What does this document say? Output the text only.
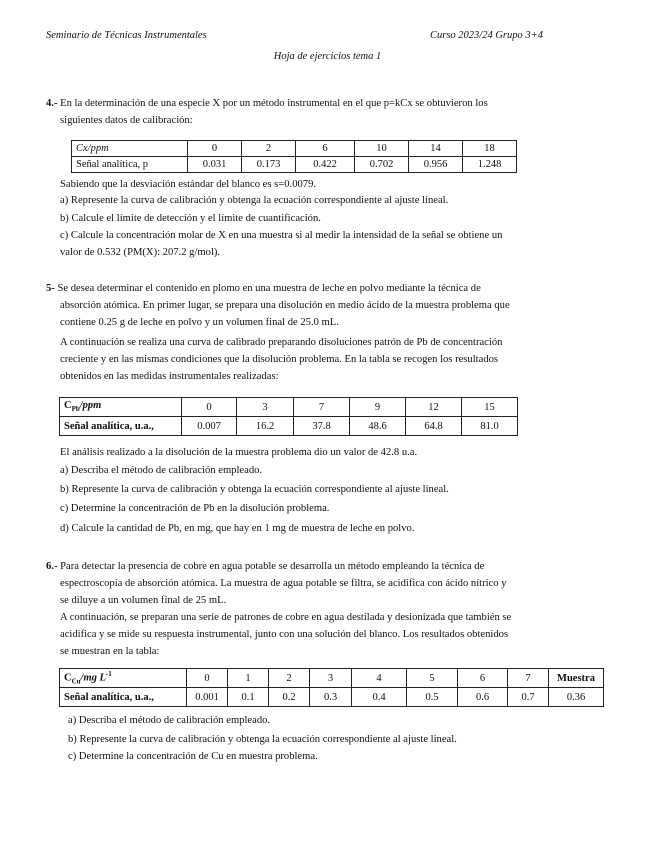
Seminario de Técnicas Instrumentales	Curso 2023/24 Grupo 3+4
Hoja de ejercicios tema 1
4.- En la determinación de una especie X por un método instrumental en el que p=kCx se obtuvieron los
siguientes datos de calibración:
Cx/ppm	0	2	6	10	14	18
Señal analítica, p	0.031	0.173	0.422	0.702	0.956	1.248
Sabiendo que la desviación estándar del blanco es s=0.0079.
a) Represente la curva de calibración y obtenga la ecuación correspondiente al ajuste lineal.
b) Calcule el límite de detección y el límite de cuantificación.
c) Calcule la concentración molar de X en una muestra si al medir la intensidad de la señal se obtiene un
valor de 0.532 (PM(X): 207.2 g/mol).
5- Se desea determinar el contenido en plomo en una muestra de leche en polvo mediante la técnica de
absorción atómica. En primer lugar, se prepara una disolución en medio ácido de la muestra problema que
contiene 0.25 g de leche en polvo y un volumen final de 25.0 mL.
A continuación se realiza una curva de calibrado preparando disoluciones patrón de Pb de concentración
creciente y en las mismas condiciones que la disolución problema. En la tabla se recogen los resultados
obtenidos en las medidas instrumentales realizadas:
$C_{Pb}$/ppm	0	3	7	9	12	15
Señal analítica, u.a.,	0.007	16.2	37.8	48.6	64.8	81.0
El análisis realizado a la disolución de la muestra problema dio un valor de 42.8 u.a.
a) Describa el método de calibración empleado.
b) Represente la curva de calibración y obtenga la ecuación correspondiente al ajuste lineal.
c) Determine la concentración de Pb en la disolución problema.
d) Calcule la cantidad de Pb, en mg, que hay en 1 mg de muestra de leche en polvo.
6.- Para detectar la presencia de cobre en agua potable se desarrolla un método empleando la técnica de
espectroscopía de absorción atómica. La muestra de agua potable se filtra, se acidifica con ácido nítrico y
se diluye a un volumen final de 25 mL.
A continuación, se preparan una serie de patrones de cobre en agua destilada y desionizada que también se
acidifica y se mide su respuesta instrumental, junto con una solución del blanco. Los resultados obtenidos
se muestran en la tabla:
$C_{Cu}/mg$ $L^{-1}$	0	1	2	3	4	5	6	7	Muestra
Señal analítica, u.a.,	0.001	0.1	0.2	0.3	0.4	0.5	0.6	0.7	0.36
a) Describa el método de calibración empleado.
b) Represente la curva de calibración y obtenga la ecuación correspondiente al ajuste lineal.
c) Determine la concentración de Cu en muestra problema.
